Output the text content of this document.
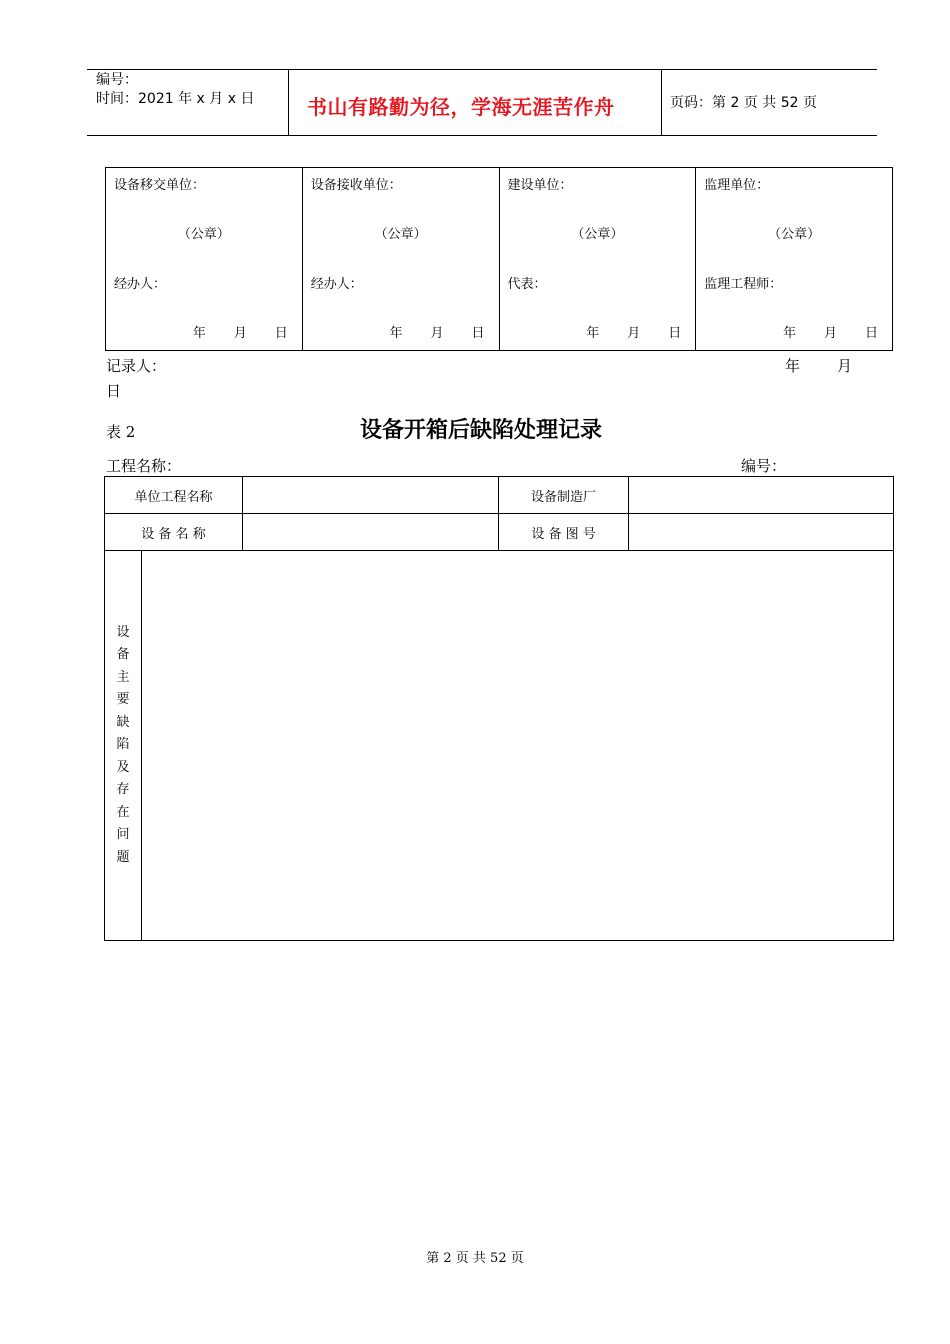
编号：
时间：2021 年 x 月 x 日	书山有路勤为径，学海无涯苦作舟	页码：第 2 页 共 52 页
设备移交单位：
（公章）
经办人：
年 月 日

设备接收单位：
（公章）
经办人：
年 月 日

建设单位：
（公章）
代表：
年 月 日

监理单位：
（公章）
监理工程师：
年 月 日
记录人：	年 月
日
表 2	设备开箱后缺陷处理记录
工程名称：	编号：
单位工程名称			设备制造厂	
设 备 名 称			设 备 图 号	

设备主要缺陷及存在问题				

第 2 页 共 52 页
